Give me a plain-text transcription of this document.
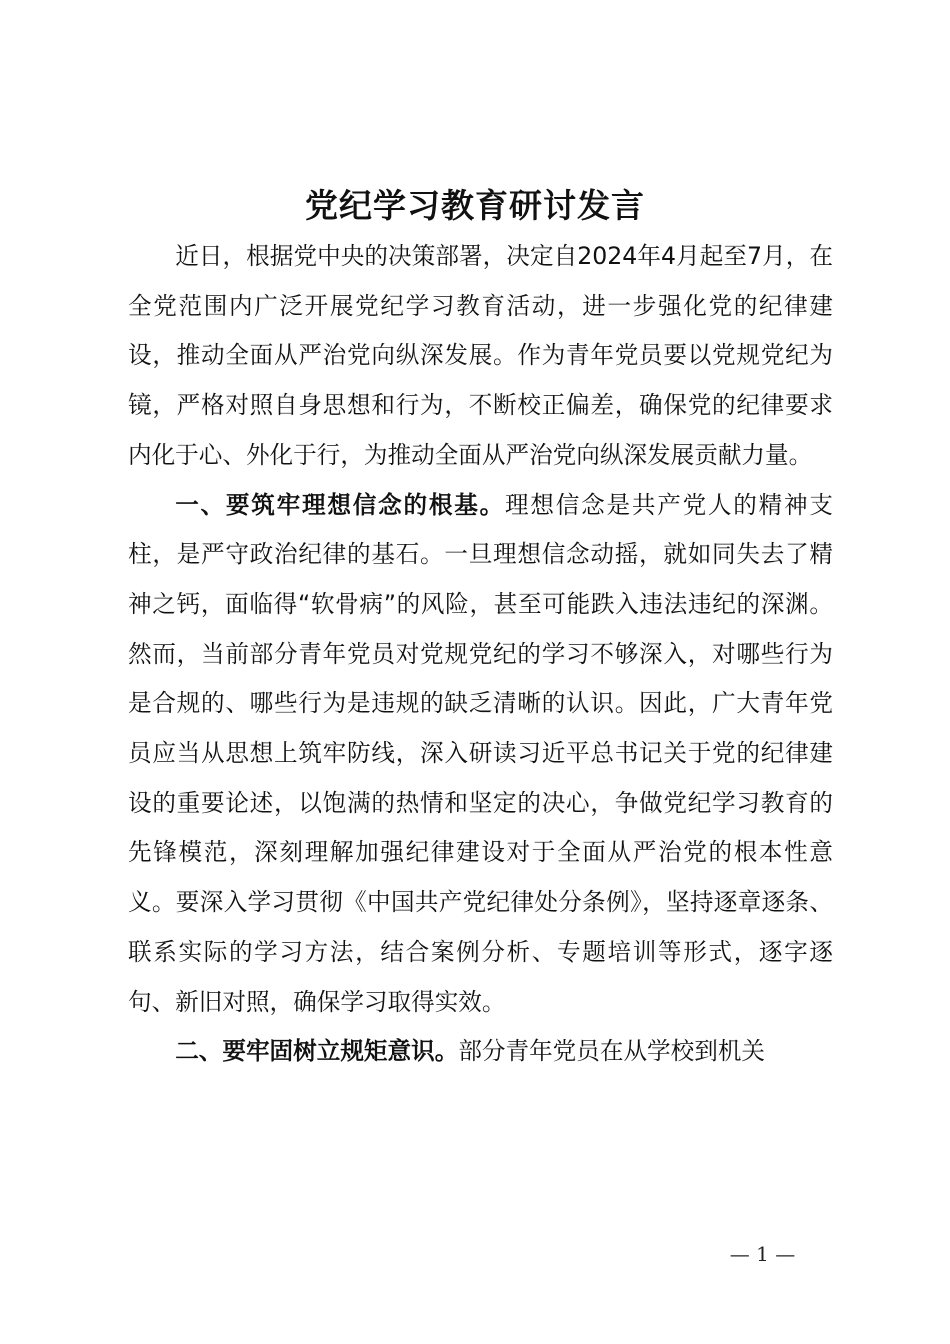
党纪学习教育研讨发言

近日，根据党中央的决策部署，决定自2024年4月起至7月，在全党范围内广泛开展党纪学习教育活动，进一步强化党的纪律建设，推动全面从严治党向纵深发展。作为青年党员要以党规党纪为镜，严格对照自身思想和行为，不断校正偏差，确保党的纪律要求内化于心、外化于行，为推动全面从严治党向纵深发展贡献力量。

一、要筑牢理想信念的根基。理想信念是共产党人的精神支柱，是严守政治纪律的基石。一旦理想信念动摇，就如同失去了精神之钙，面临得“软骨病”的风险，甚至可能跌入违法违纪的深渊。然而，当前部分青年党员对党规党纪的学习不够深入，对哪些行为是合规的、哪些行为是违规的缺乏清晰的认识。因此，广大青年党员应当从思想上筑牢防线，深入研读习近平总书记关于党的纪律建设的重要论述，以饱满的热情和坚定的决心，争做党纪学习教育的先锋模范，深刻理解加强纪律建设对于全面从严治党的根本性意义。要深入学习贯彻《中国共产党纪律处分条例》，坚持逐章逐条、联系实际的学习方法，结合案例分析、专题培训等形式，逐字逐句、新旧对照，确保学习取得实效。

二、要牢固树立规矩意识。部分青年党员在从学校到机关

— 1 —
